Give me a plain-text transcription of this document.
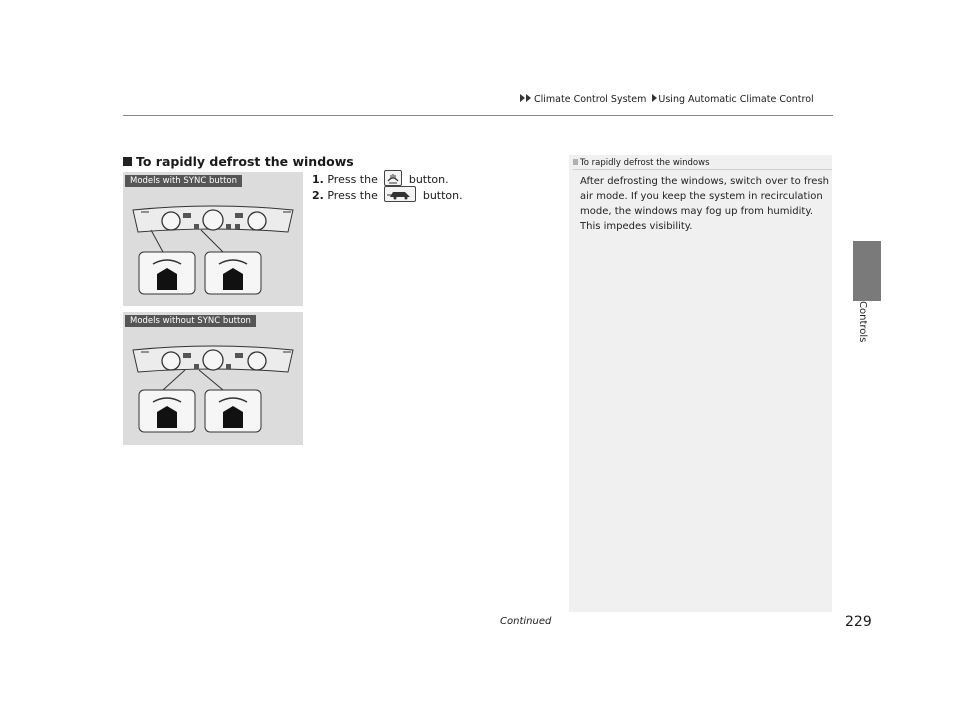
Climate Control System Using Automatic Climate Control
Controls
To rapidly defrost the windows
1. Press the	button.
2. Press the	button.
Models with SYNC button
Models without SYNC button
To rapidly defrost the windows
After defrosting the windows, switch over to fresh air mode. If you keep the system in recirculation mode, the windows may fog up from humidity. This impedes visibility.
Continued	229
